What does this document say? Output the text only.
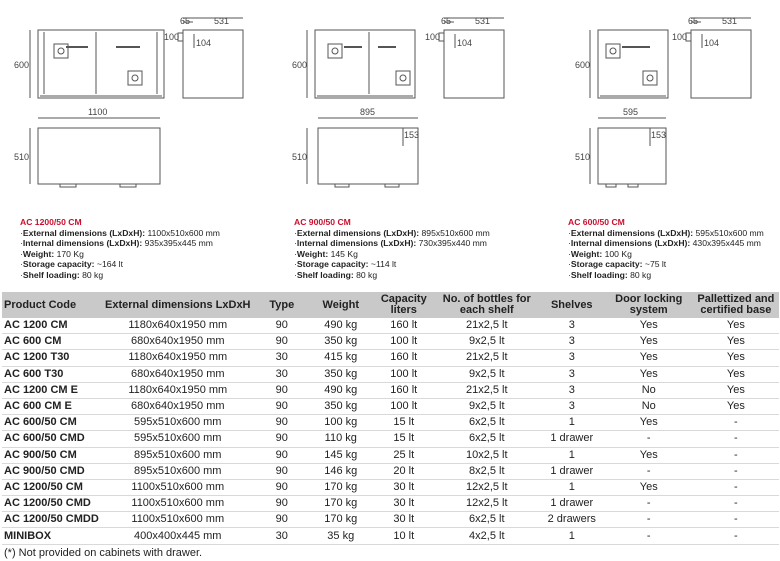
600
65	531
100
104
1100
510
600
65	531
100
104
895
510
153
600
65	531
100
104
595
510
153
AC 1200/50 CM
·External dimensions (LxDxH): 1100x510x600 mm
·Internal dimensions (LxDxH): 935x395x445 mm
·Weight: 170 Kg
·Storage capacity: ~164 lt
·Shelf loading: 80 kg
AC 900/50 CM
·External dimensions (LxDxH): 895x510x600 mm
·Internal dimensions (LxDxH): 730x395x440 mm
·Weight: 145 Kg
·Storage capacity: ~114 lt
·Shelf loading: 80 kg
AC 600/50 CM
·External dimensions (LxDxH): 595x510x600 mm
·Internal dimensions (LxDxH): 430x395x445 mm
·Weight: 100 Kg
·Storage capacity: ~75 lt
·Shelf loading: 80 kg
Product Code	External dimensions LxDxH	Type	Weight	Capacity liters	No. of bottles for each shelf	Shelves	Door locking system	Pallettized and certified base
AC 1200 CM	1180x640x1950 mm	90	490 kg	160 lt	21x2,5 lt	3	Yes	Yes
AC 600 CM	680x640x1950 mm	90	350 kg	100 lt	9x2,5 lt	3	Yes	Yes
AC 1200 T30	1180x640x1950 mm	30	415 kg	160 lt	21x2,5 lt	3	Yes	Yes
AC 600 T30	680x640x1950 mm	30	350 kg	100 lt	9x2,5 lt	3	Yes	Yes
AC 1200 CM E	1180x640x1950 mm	90	490 kg	160 lt	21x2,5 lt	3	No	Yes
AC 600 CM E	680x640x1950 mm	90	350 kg	100 lt	9x2,5 lt	3	No	Yes
AC 600/50 CM	595x510x600 mm	90	100 kg	15 lt	6x2,5 lt	1	Yes	-
AC 600/50 CMD	595x510x600 mm	90	110 kg	15 lt	6x2,5 lt	1 drawer	-	-
AC 900/50 CM	895x510x600 mm	90	145 kg	25 lt	10x2,5 lt	1	Yes	-
AC 900/50 CMD	895x510x600 mm	90	146 kg	20 lt	8x2,5 lt	1 drawer	-	-
AC 1200/50 CM	1100x510x600 mm	90	170 kg	30 lt	12x2,5 lt	1	Yes	-
AC 1200/50 CMD	1100x510x600 mm	90	170 kg	30 lt	12x2,5 lt	1 drawer	-	-
AC 1200/50 CMDD	1100x510x600 mm	90	170 kg	30 lt	6x2,5 lt	2 drawers	-	-
MINIBOX	400x400x445 mm	30	35 kg	10 lt	4x2,5 lt	1	-	-
(*) Not provided on cabinets with drawer.
